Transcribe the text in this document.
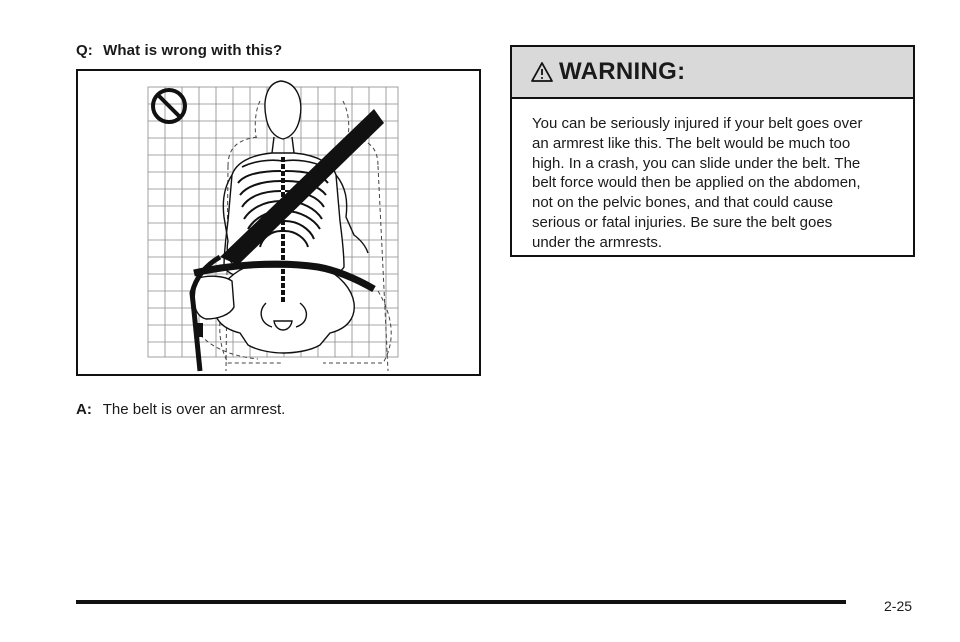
Q: What is wrong with this?
A: The belt is over an armrest.
WARNING:

You can be seriously injured if your belt goes over

an armrest like this. The belt would be much too

high. In a crash, you can slide under the belt. The

belt force would then be applied on the abdomen,

not on the pelvic bones, and that could cause

serious or fatal injuries. Be sure the belt goes

under the armrests.

2-25
